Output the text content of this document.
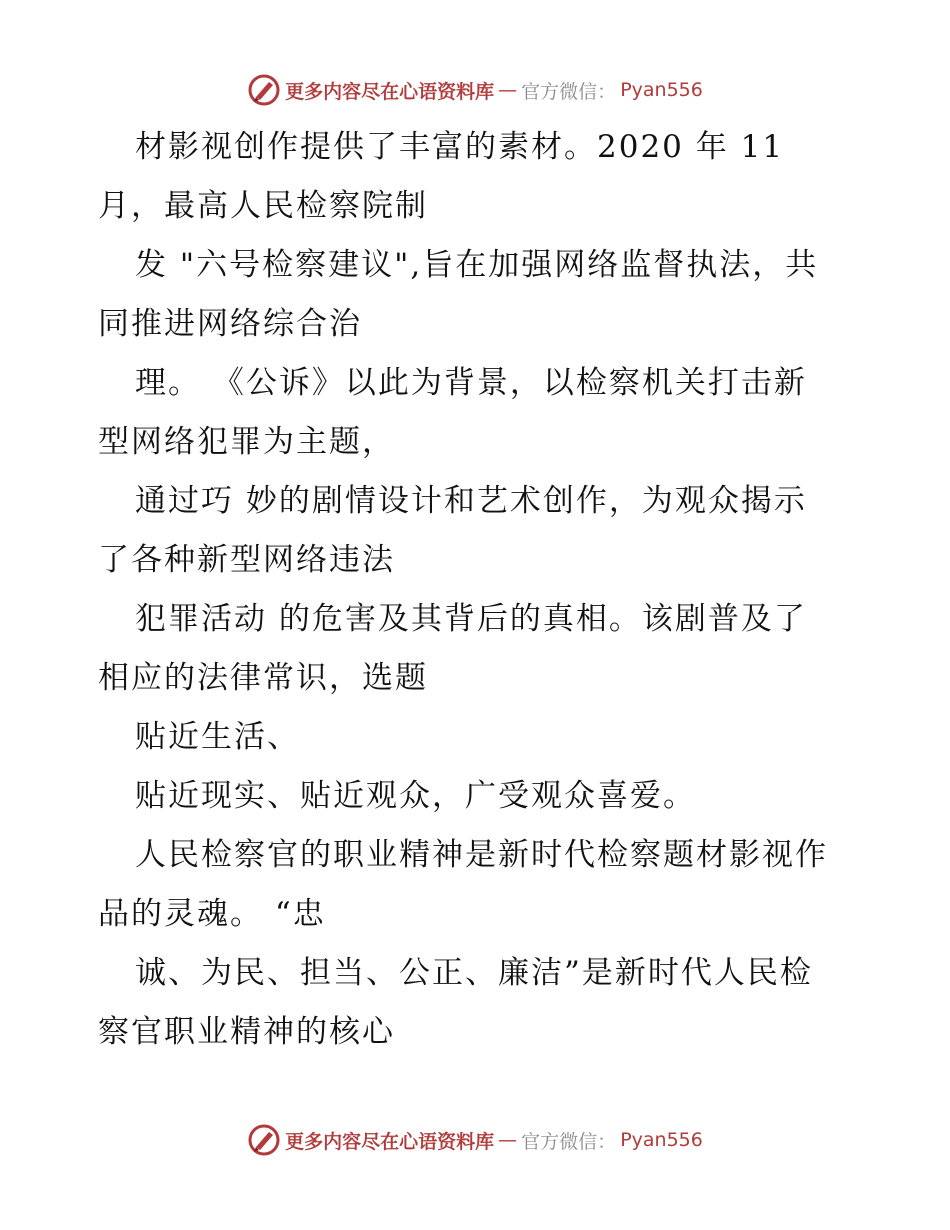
更多内容尽在心语资料库 — 官方微信： Pyan556
材影视创作提供了丰富的素材。2020 年 11
月，最高人民检察院制
发 "六号检察建议",旨在加强网络监督执法，共
同推进网络综合治
理。 《公诉》以此为背景，以检察机关打击新
型网络犯罪为主题，
通过巧 妙的剧情设计和艺术创作，为观众揭示
了各种新型网络违法
犯罪活动 的危害及其背后的真相。该剧普及了
相应的法律常识，选题
贴近生活、
贴近现实、贴近观众，广受观众喜爱。
人民检察官的职业精神是新时代检察题材影视作
品的灵魂。 “忠
诚、为民、担当、公正、廉洁”是新时代人民检
察官职业精神的核心
更多内容尽在心语资料库 — 官方微信： Pyan556
